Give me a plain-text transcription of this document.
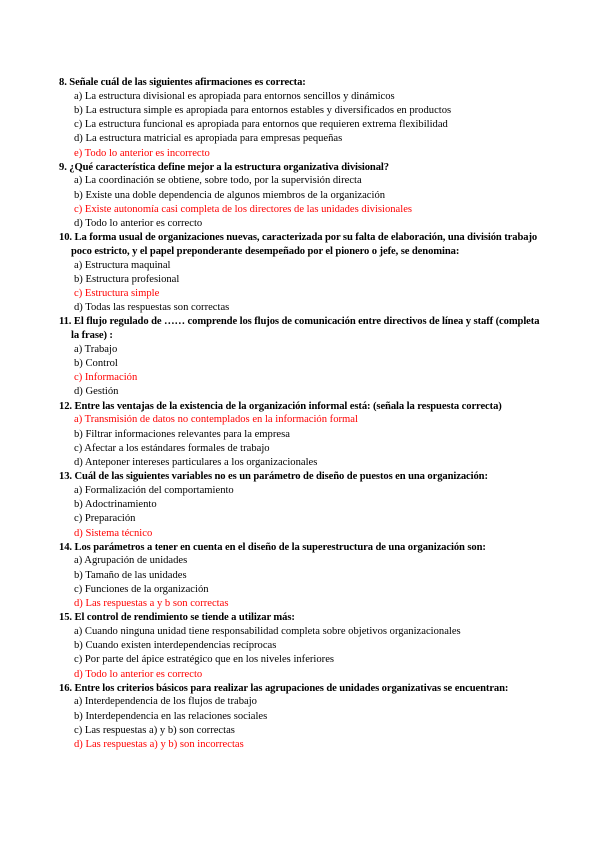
8. Señale cuál de las siguientes afirmaciones es correcta:
a) La estructura divisional es apropiada para entornos sencillos y dinámicos
b) La estructura simple es apropiada para entornos estables y diversificados en productos
c) La estructura funcional es apropiada para entornos que requieren extrema flexibilidad
d) La estructura matricial es apropiada para empresas pequeñas
e) Todo lo anterior es incorrecto
9. ¿Qué característica define mejor a la estructura organizativa divisional?
a) La coordinación se obtiene, sobre todo, por la supervisión directa
b) Existe una doble dependencia de algunos miembros de la organización
c) Existe autonomía casi completa de los directores de las unidades divisionales
d) Todo lo anterior es correcto
10. La forma usual de organizaciones nuevas, caracterizada por su falta de elaboración, una división trabajo poco estricto, y el papel preponderante desempeñado por el pionero o jefe, se denomina:
a) Estructura maquinal
b) Estructura profesional
c) Estructura simple
d) Todas las respuestas son correctas
11. El flujo regulado de …… comprende los flujos de comunicación entre directivos de línea y staff (completa la frase) :
a) Trabajo
b) Control
c) Información
d) Gestión
12. Entre las ventajas de la existencia de la organización informal está: (señala la respuesta correcta)
a) Transmisión de datos no contemplados en la información formal
b) Filtrar informaciones relevantes para la empresa
c) Afectar a los estándares formales de trabajo
d) Anteponer intereses particulares a los organizacionales
13. Cuál de las siguientes variables no es un parámetro de diseño de puestos en una organización:
a) Formalización del comportamiento
b) Adoctrinamiento
c) Preparación
d) Sistema técnico
14. Los parámetros a tener en cuenta en el diseño de la superestructura de una organización son:
a) Agrupación de unidades
b) Tamaño de las unidades
c) Funciones de la organización
d) Las respuestas a y b son correctas
15. El control de rendimiento se tiende a utilizar más:
a) Cuando ninguna unidad tiene responsabilidad completa sobre objetivos organizacionales
b) Cuando existen interdependencias recíprocas
c) Por parte del ápice estratégico que en los niveles inferiores
d) Todo lo anterior es correcto
16. Entre los criterios básicos para realizar las agrupaciones de unidades organizativas se encuentran:
a) Interdependencia de los flujos de trabajo
b) Interdependencia en las relaciones sociales
c) Las respuestas a) y b) son correctas
d) Las respuestas a) y b) son incorrectas
